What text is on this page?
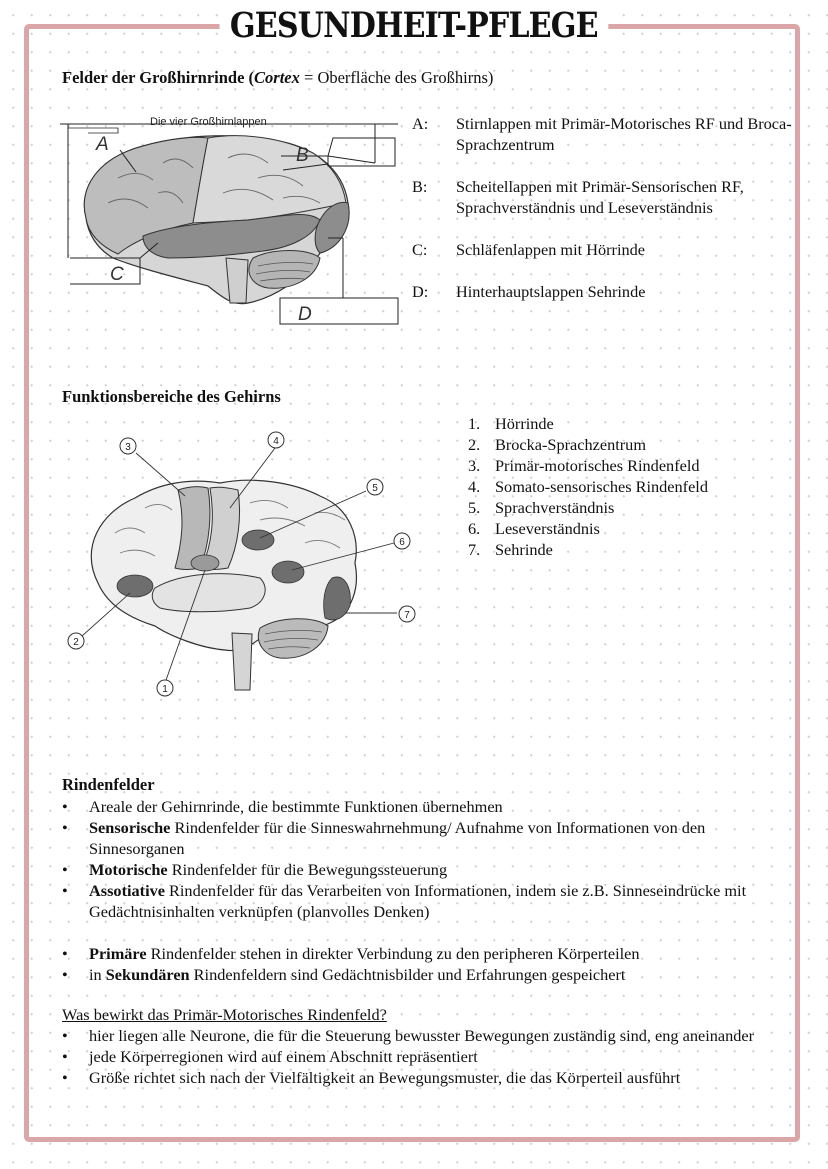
GESUNDHEIT-PFLEGE
Felder der Großhirnrinde (Cortex = Oberfläche des Großhirns)
Die vier Großhirnlappen
A
B
C
D
A:	Stirnlappen mit Primär-Motorisches RF und Broca-Sprachzentrum
B:	Scheitellappen mit Primär-Sensorischen RF, Sprachverständnis und Leseverständnis
C:	Schläfenlappen mit Hörrinde
D:	Hinterhauptslappen Sehrinde
Funktionsbereiche des Gehirns
3
4
5
6
7
2
1
1. Hörrinde
2. Brocka-Sprachzentrum
3. Primär-motorisches Rindenfeld
4. Somato-sensorisches Rindenfeld
5. Sprachverständnis
6. Leseverständnis
7. Sehrinde
Rindenfelder
•	Areale der Gehirnrinde, die bestimmte Funktionen übernehmen
•	Sensorische Rindenfelder für die Sinneswahrnehmung/ Aufnahme von Informationen von den Sinnesorganen
•	Motorische Rindenfelder für die Bewegungssteuerung
•	Assotiative Rindenfelder für das Verarbeiten von Informationen, indem sie z.B. Sinneseindrücke mit Gedächtnisinhalten verknüpfen (planvolles Denken)
•	Primäre Rindenfelder stehen in direkter Verbindung zu den peripheren Körperteilen
•	in Sekundären Rindenfeldern sind Gedächtnisbilder und Erfahrungen gespeichert
Was bewirkt das Primär-Motorisches Rindenfeld?
•	hier liegen alle Neurone, die für die Steuerung bewusster Bewegungen zuständig sind, eng aneinander
•	jede Körperregionen wird auf einem Abschnitt repräsentiert
•	Größe richtet sich nach der Vielfältigkeit an Bewegungsmuster, die das Körperteil ausführt
